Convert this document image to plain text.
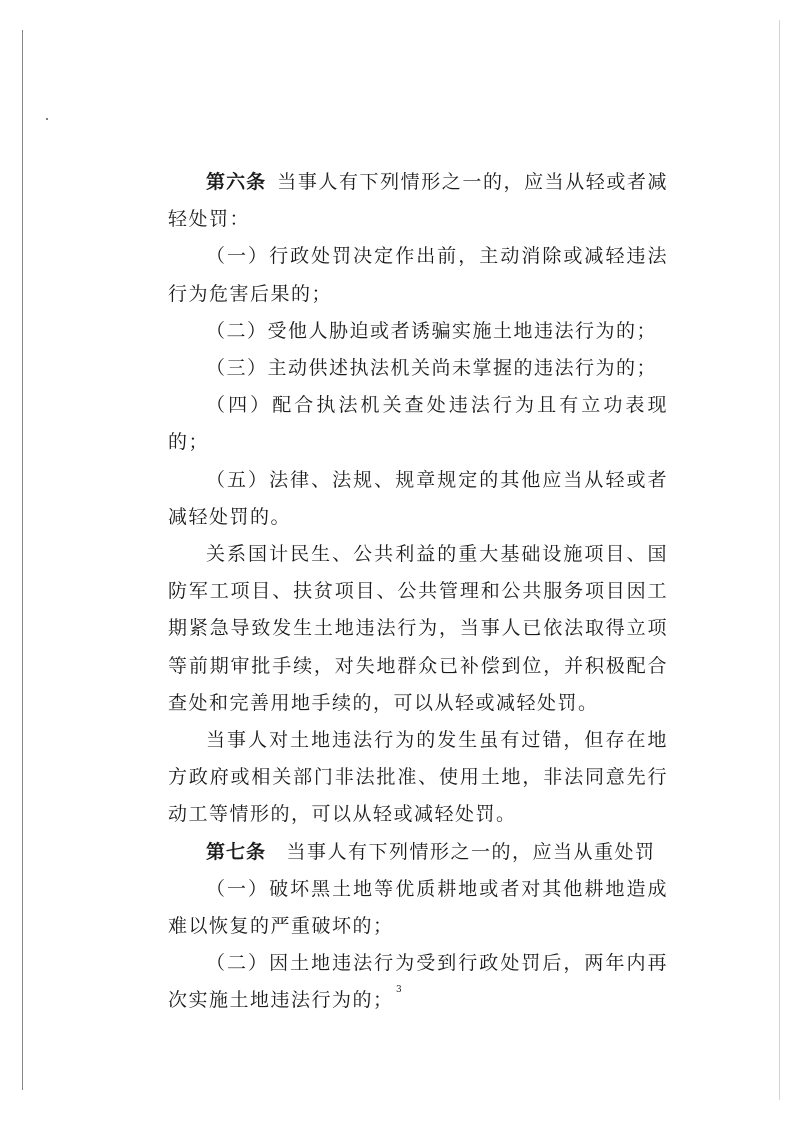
第六条  当事人有下列情形之一的，应当从轻或者减轻处罚：

（一）行政处罚决定作出前，主动消除或减轻违法行为危害后果的；

（二）受他人胁迫或者诱骗实施土地违法行为的；

（三）主动供述执法机关尚未掌握的违法行为的；

（四）配合执法机关查处违法行为且有立功表现的；

（五）法律、法规、规章规定的其他应当从轻或者减轻处罚的。

关系国计民生、公共利益的重大基础设施项目、国防军工项目、扶贫项目、公共管理和公共服务项目因工期紧急导致发生土地违法行为，当事人已依法取得立项等前期审批手续，对失地群众已补偿到位，并积极配合查处和完善用地手续的，可以从轻或减轻处罚。

当事人对土地违法行为的发生虽有过错，但存在地方政府或相关部门非法批准、使用土地，非法同意先行动工等情形的，可以从轻或减轻处罚。

第七条  当事人有下列情形之一的，应当从重处罚

（一）破坏黑土地等优质耕地或者对其他耕地造成难以恢复的严重破坏的；

（二）因土地违法行为受到行政处罚后，两年内再次实施土地违法行为的； 3
